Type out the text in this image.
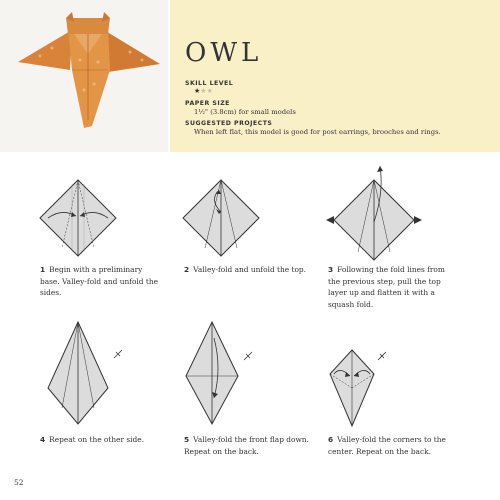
OWL
SKILL LEVEL
★★★
PAPER SIZE
1½" (3.8cm) for small models
SUGGESTED PROJECTS
When left flat, this model is good for post earrings, brooches and rings.
1 Begin with a preliminary base. Valley-fold and unfold the sides.
2 Valley-fold and unfold the top.	3 Following the fold lines from the previous step, pull the top layer up and flatten it with a squash fold.
4 Repeat on the other side.	5 Valley-fold the front flap down. Repeat on the back.
6 Valley-fold the corners to the center. Repeat on the back.
52
